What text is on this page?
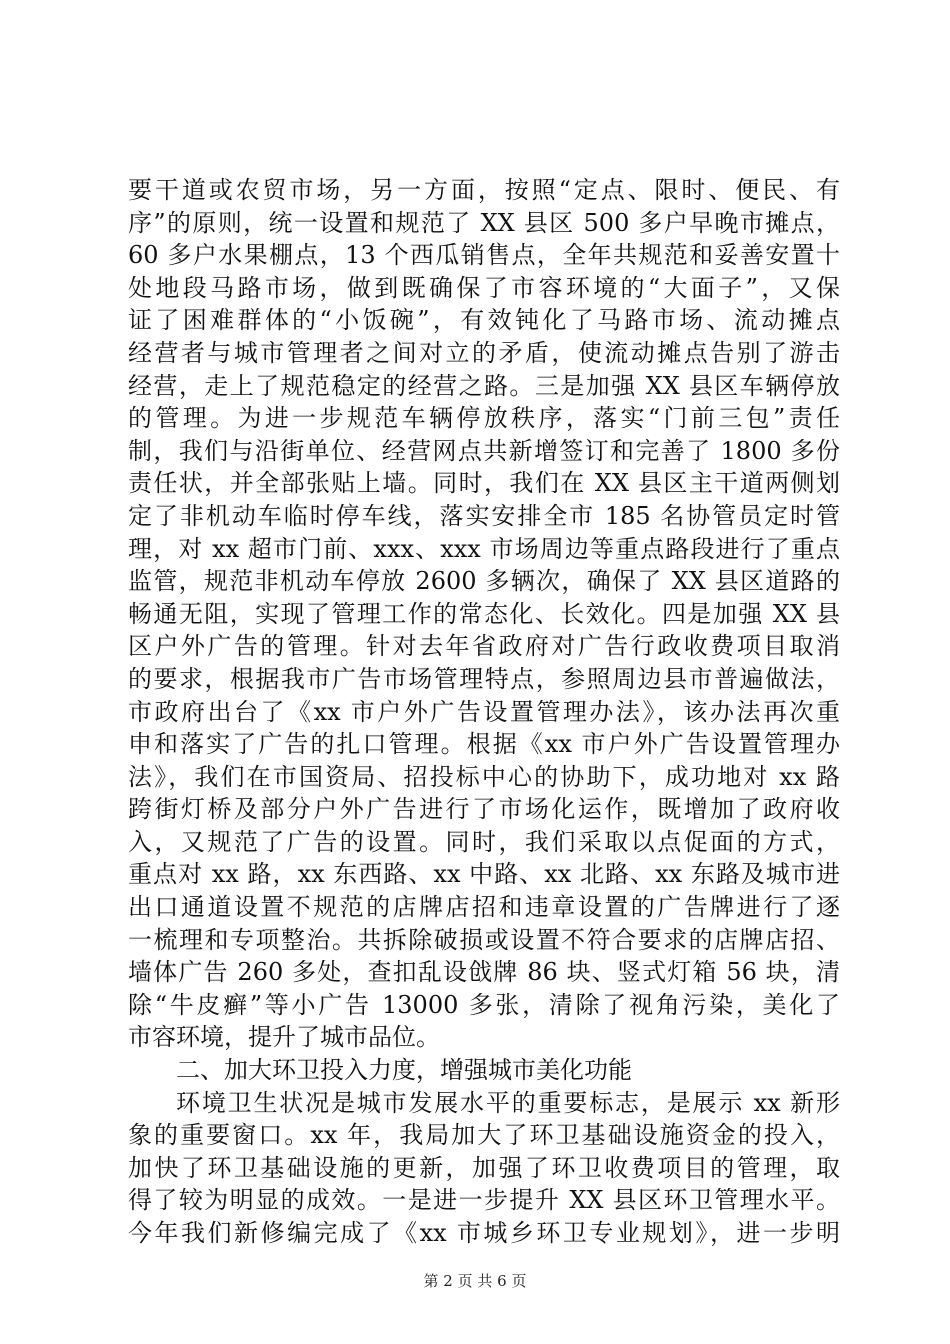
要干道或农贸市场，另一方面，按照“定点、限时、便民、有
序”的原则，统一设置和规范了 XX 县区 500 多户早晚市摊点，
60 多户水果棚点，13 个西瓜销售点，全年共规范和妥善安置十
处地段马路市场，做到既确保了市容环境的“大面子”，又保
证了困难群体的“小饭碗”，有效钝化了马路市场、流动摊点
经营者与城市管理者之间对立的矛盾，使流动摊点告别了游击
经营，走上了规范稳定的经营之路。三是加强 XX 县区车辆停放
的管理。为进一步规范车辆停放秩序，落实“门前三包”责任
制，我们与沿街单位、经营网点共新增签订和完善了 1800 多份
责任状，并全部张贴上墙。同时，我们在 XX 县区主干道两侧划
定了非机动车临时停车线，落实安排全市 185 名协管员定时管
理，对 xx 超市门前、xxx、xxx 市场周边等重点路段进行了重点
监管，规范非机动车停放 2600 多辆次，确保了 XX 县区道路的
畅通无阻，实现了管理工作的常态化、长效化。四是加强 XX 县
区户外广告的管理。针对去年省政府对广告行政收费项目取消
的要求，根据我市广告市场管理特点，参照周边县市普遍做法，
市政府出台了《xx 市户外广告设置管理办法》，该办法再次重
申和落实了广告的扎口管理。根据《xx 市户外广告设置管理办
法》，我们在市国资局、招投标中心的协助下，成功地对 xx 路
跨街灯桥及部分户外广告进行了市场化运作，既增加了政府收
入，又规范了广告的设置。同时，我们采取以点促面的方式，
重点对 xx 路，xx 东西路、xx 中路、xx 北路、xx 东路及城市进
出口通道设置不规范的店牌店招和违章设置的广告牌进行了逐
一梳理和专项整治。共拆除破损或设置不符合要求的店牌店招、
墙体广告 260 多处，查扣乱设戗牌 86 块、竖式灯箱 56 块，清
除“牛皮癣”等小广告 13000 多张，清除了视角污染，美化了
市容环境，提升了城市品位。
二、加大环卫投入力度，增强城市美化功能
环境卫生状况是城市发展水平的重要标志，是展示 xx 新形
象的重要窗口。xx 年，我局加大了环卫基础设施资金的投入，
加快了环卫基础设施的更新，加强了环卫收费项目的管理，取
得了较为明显的成效。一是进一步提升 XX 县区环卫管理水平。
今年我们新修编完成了《xx 市城乡环卫专业规划》，进一步明
第 2 页 共 6 页
